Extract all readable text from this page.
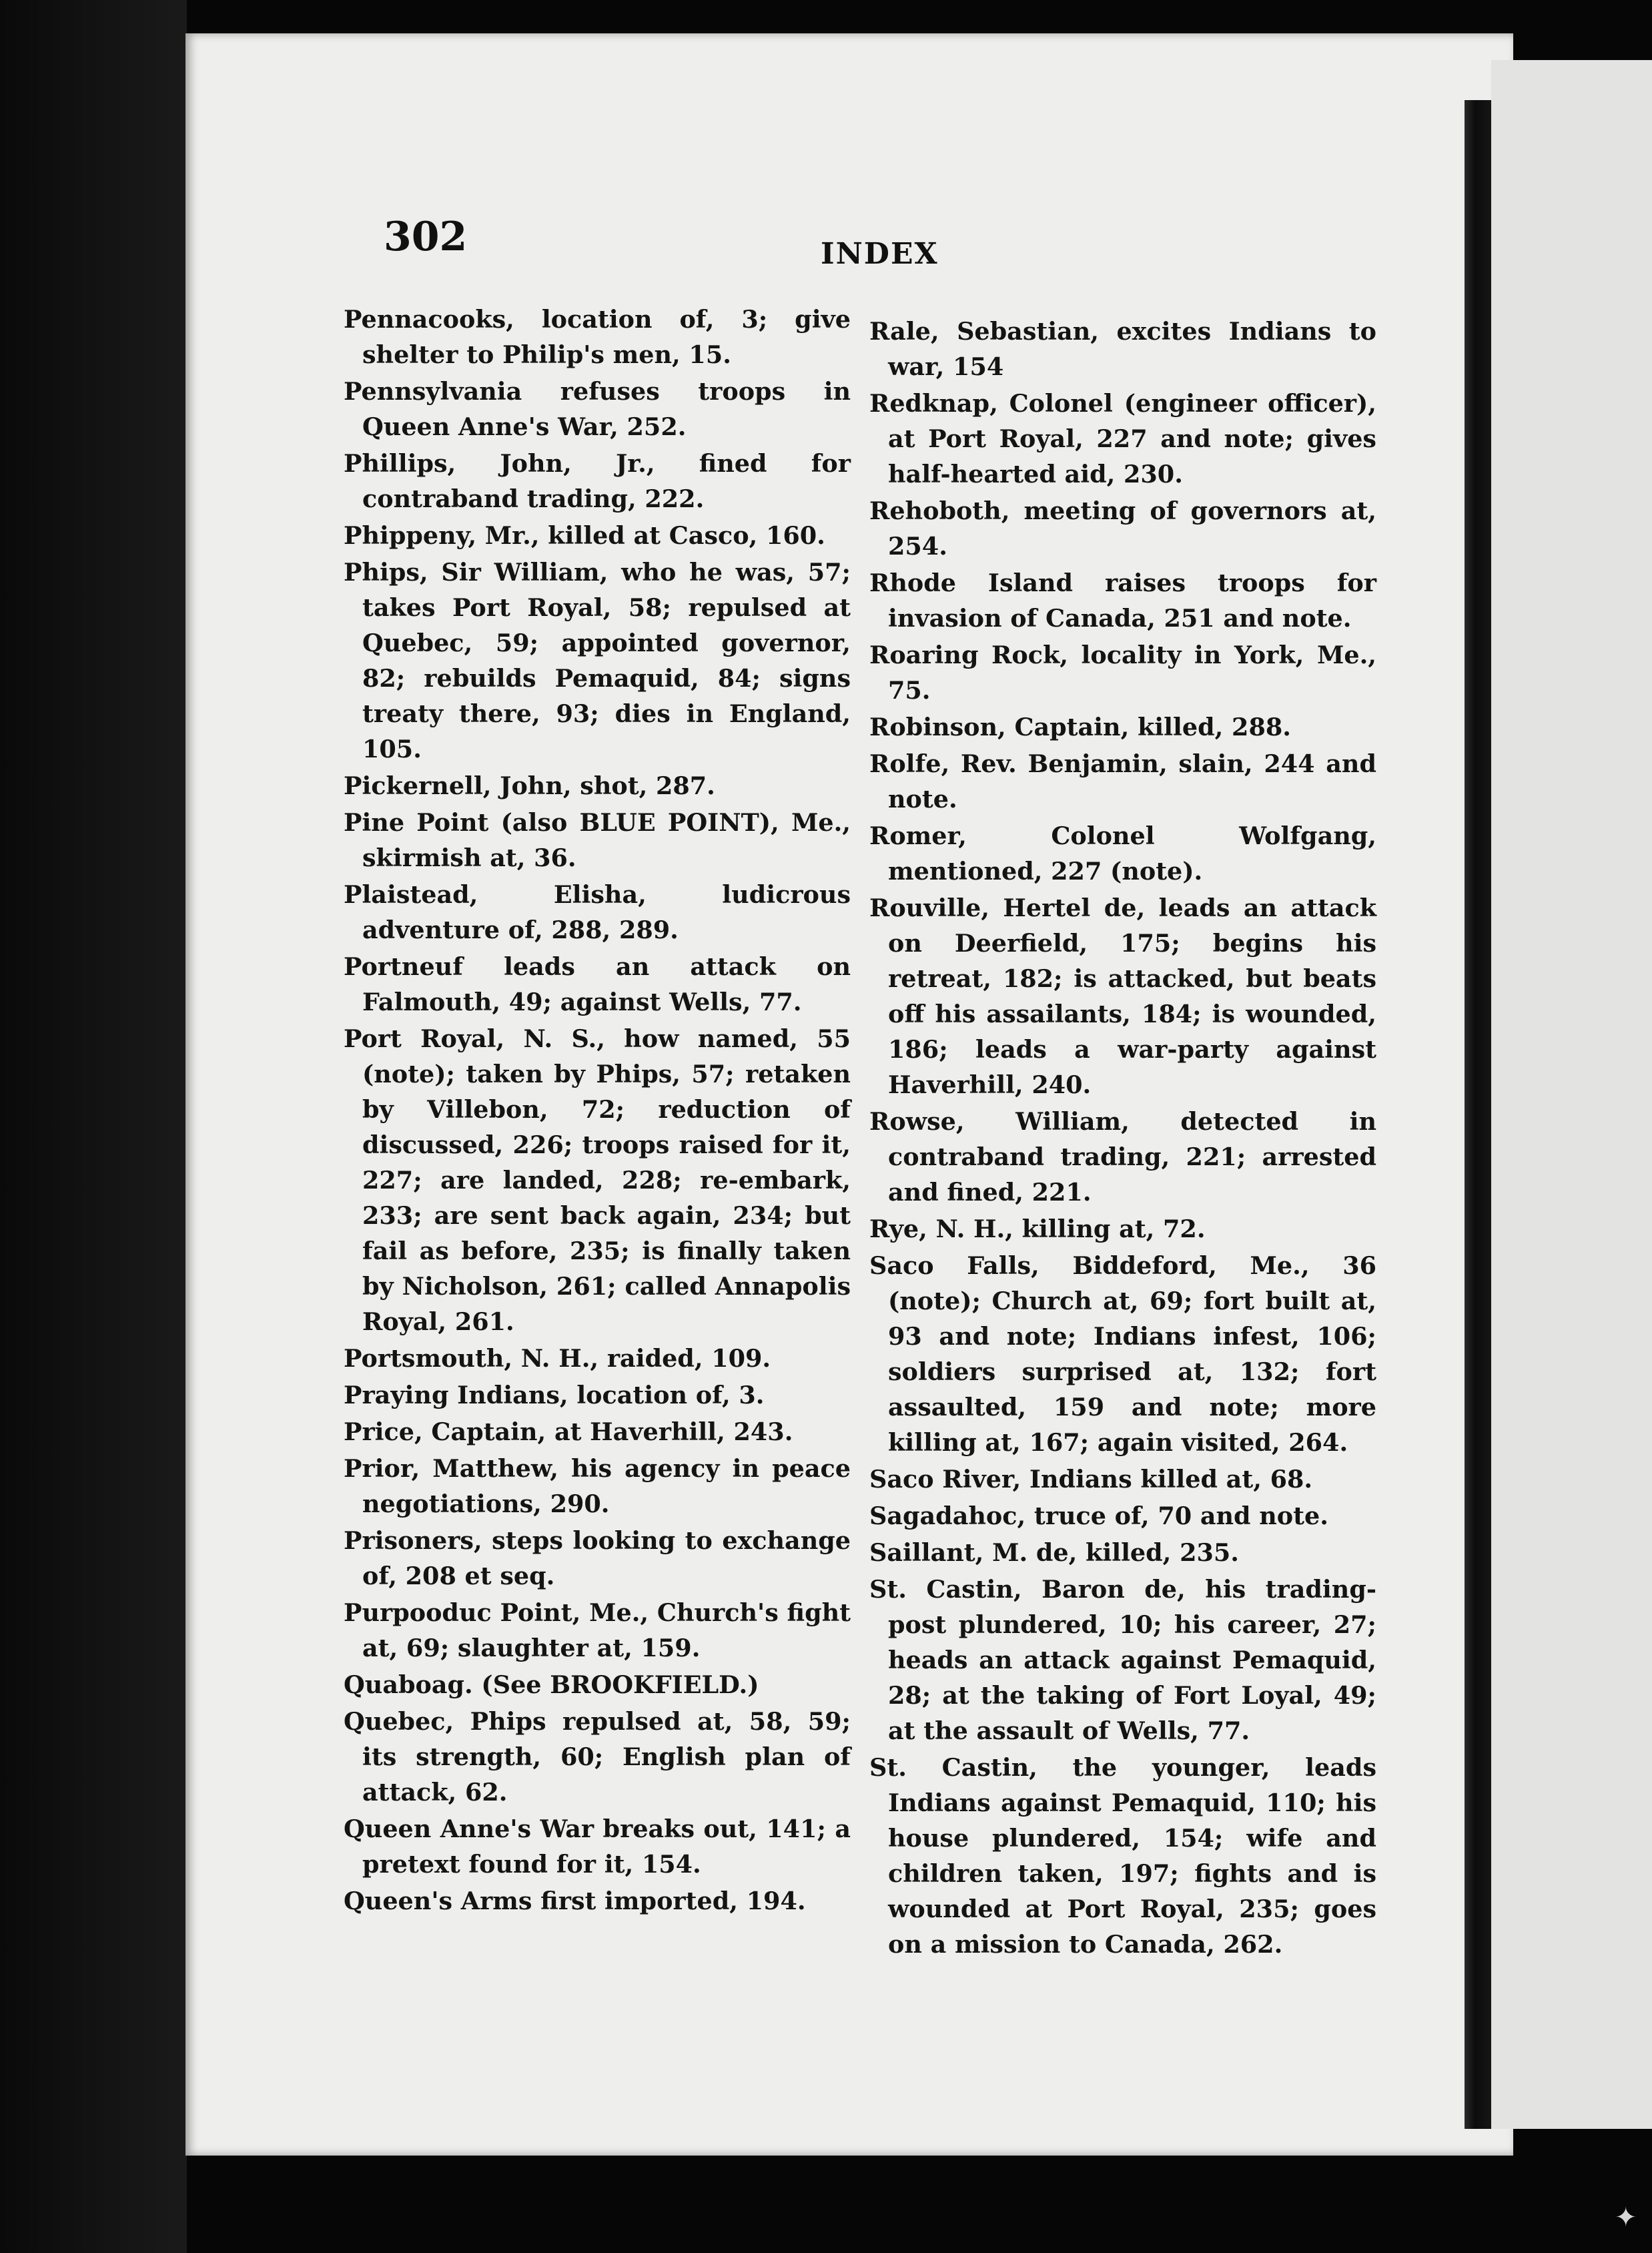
302	INDEX

Pennacooks, location of, 3; give shelter to Philip's men, 15.

Pennsylvania refuses troops in Queen Anne's War, 252.

Phillips, John, Jr., fined for contraband trading, 222.

Phippeny, Mr., killed at Casco, 160.

Phips, Sir William, who he was, 57; takes Port Royal, 58; repulsed at Quebec, 59; appointed governor, 82; rebuilds Pemaquid, 84; signs treaty there, 93; dies in England, 105.

Pickernell, John, shot, 287.

Pine Point (also BLUE POINT), Me., skirmish at, 36.

Plaistead, Elisha, ludicrous adventure of, 288, 289.

Portneuf leads an attack on Falmouth, 49; against Wells, 77.

Port Royal, N. S., how named, 55 (note); taken by Phips, 57; retaken by Villebon, 72; reduction of discussed, 226; troops raised for it, 227; are landed, 228; re-embark, 233; are sent back again, 234; but fail as before, 235; is finally taken by Nicholson, 261; called Annapolis Royal, 261.

Portsmouth, N. H., raided, 109.

Praying Indians, location of, 3.

Price, Captain, at Haverhill, 243.

Prior, Matthew, his agency in peace negotiations, 290.

Prisoners, steps looking to exchange of, 208 et seq.

Purpooduc Point, Me., Church's fight at, 69; slaughter at, 159.

Quaboag. (See BROOKFIELD.)

Quebec, Phips repulsed at, 58, 59; its strength, 60; English plan of attack, 62.

Queen Anne's War breaks out, 141; a pretext found for it, 154.

Queen's Arms first imported, 194.

Rale, Sebastian, excites Indians to war, 154

Redknap, Colonel (engineer officer), at Port Royal, 227 and note; gives half-hearted aid, 230.

Rehoboth, meeting of governors at, 254.

Rhode Island raises troops for invasion of Canada, 251 and note.

Roaring Rock, locality in York, Me., 75.

Robinson, Captain, killed, 288.

Rolfe, Rev. Benjamin, slain, 244 and note.

Romer, Colonel Wolfgang, mentioned, 227 (note).

Rouville, Hertel de, leads an attack on Deerfield, 175; begins his retreat, 182; is attacked, but beats off his assailants, 184; is wounded, 186; leads a war-party against Haverhill, 240.

Rowse, William, detected in contraband trading, 221; arrested and fined, 221.

Rye, N. H., killing at, 72.

Saco Falls, Biddeford, Me., 36 (note); Church at, 69; fort built at, 93 and note; Indians infest, 106; soldiers surprised at, 132; fort assaulted, 159 and note; more killing at, 167; again visited, 264.

Saco River, Indians killed at, 68.

Sagadahoc, truce of, 70 and note.

Saillant, M. de, killed, 235.

St. Castin, Baron de, his trading-post plundered, 10; his career, 27; heads an attack against Pemaquid, 28; at the taking of Fort Loyal, 49; at the assault of Wells, 77.

St. Castin, the younger, leads Indians against Pemaquid, 110; his house plundered, 154; wife and children taken, 197; fights and is wounded at Port Royal, 235; goes on a mission to Canada, 262.

✦
